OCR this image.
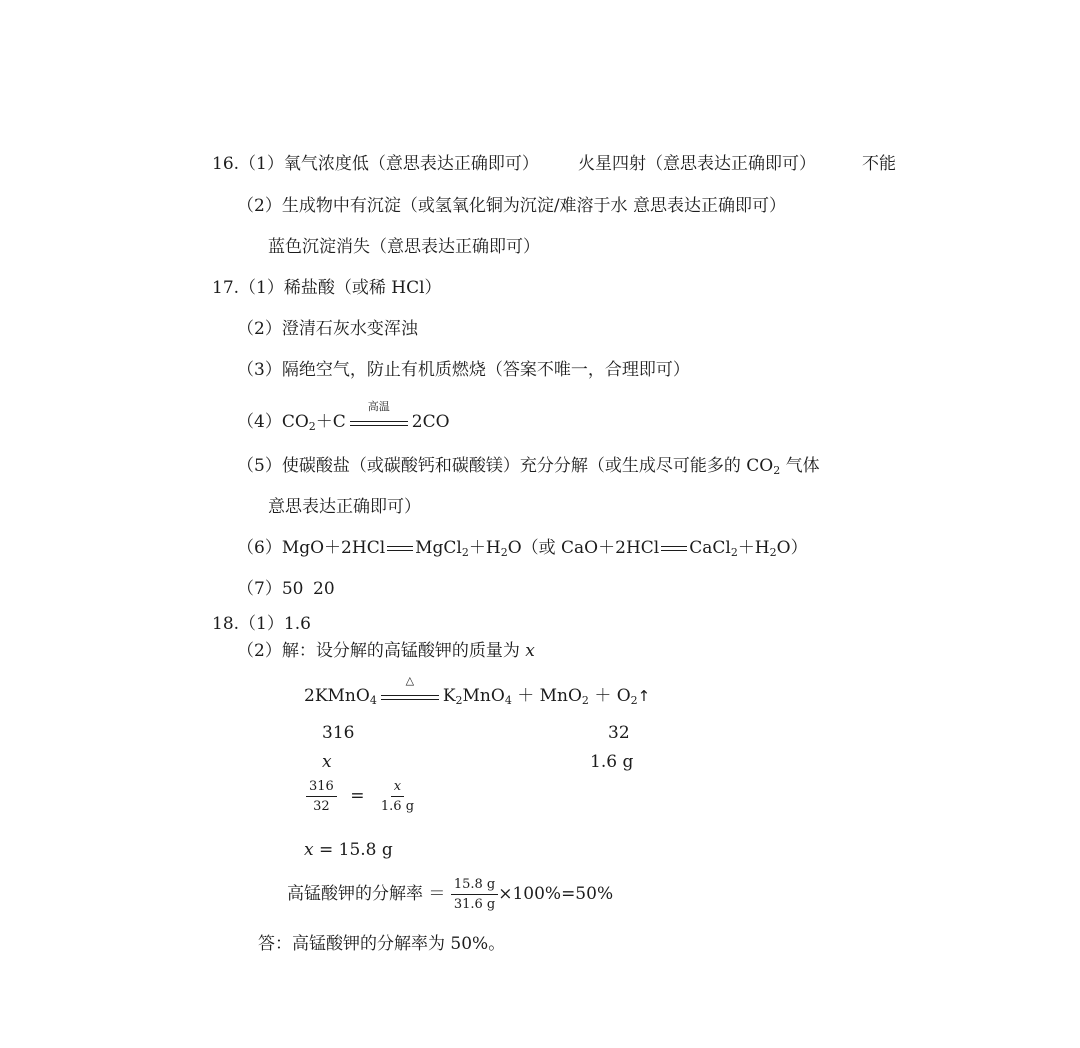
16.（1）氧气浓度低（意思表达正确即可） 火星四射（意思表达正确即可）	不能
（2）生成物中有沉淀（或氢氧化铜为沉淀/难溶于水 意思表达正确即可）
蓝色沉淀消失（意思表达正确即可）
17.（1）稀盐酸（或稀 HCl）
（2）澄清石灰水变浑浊
（3）隔绝空气，防止有机质燃烧（答案不唯一，合理即可）
$(4)CO_2+C$
高温
2CO
（5）使碳酸盐（或碳酸钙和碳酸镁）充分分解（或生成尽可能多的 $CO_2$ 气体
意思表达正确即可）
（6）MgO＋2HCl $MgCl_2+H_2O$（或 CaO＋2HCl $CaCl_2+H_2O$）
（7）50 20
18.（1）1.6
（2）解：设分解的高锰酸钾的质量为 x
2KMnO$_4$
△
$K_2MnO_4 + MnO_2$ ＋ $O_2↑$
316	32
x	1.6 g
$\frac{316}{32} = \frac{x}{1.6 g}$
x = 15.8 g
高锰酸钾的分解率 ＝ $\frac{15.8 g}{31.6 g} \times 100\%=50\%$
答：高锰酸钾的分解率为 50%。
